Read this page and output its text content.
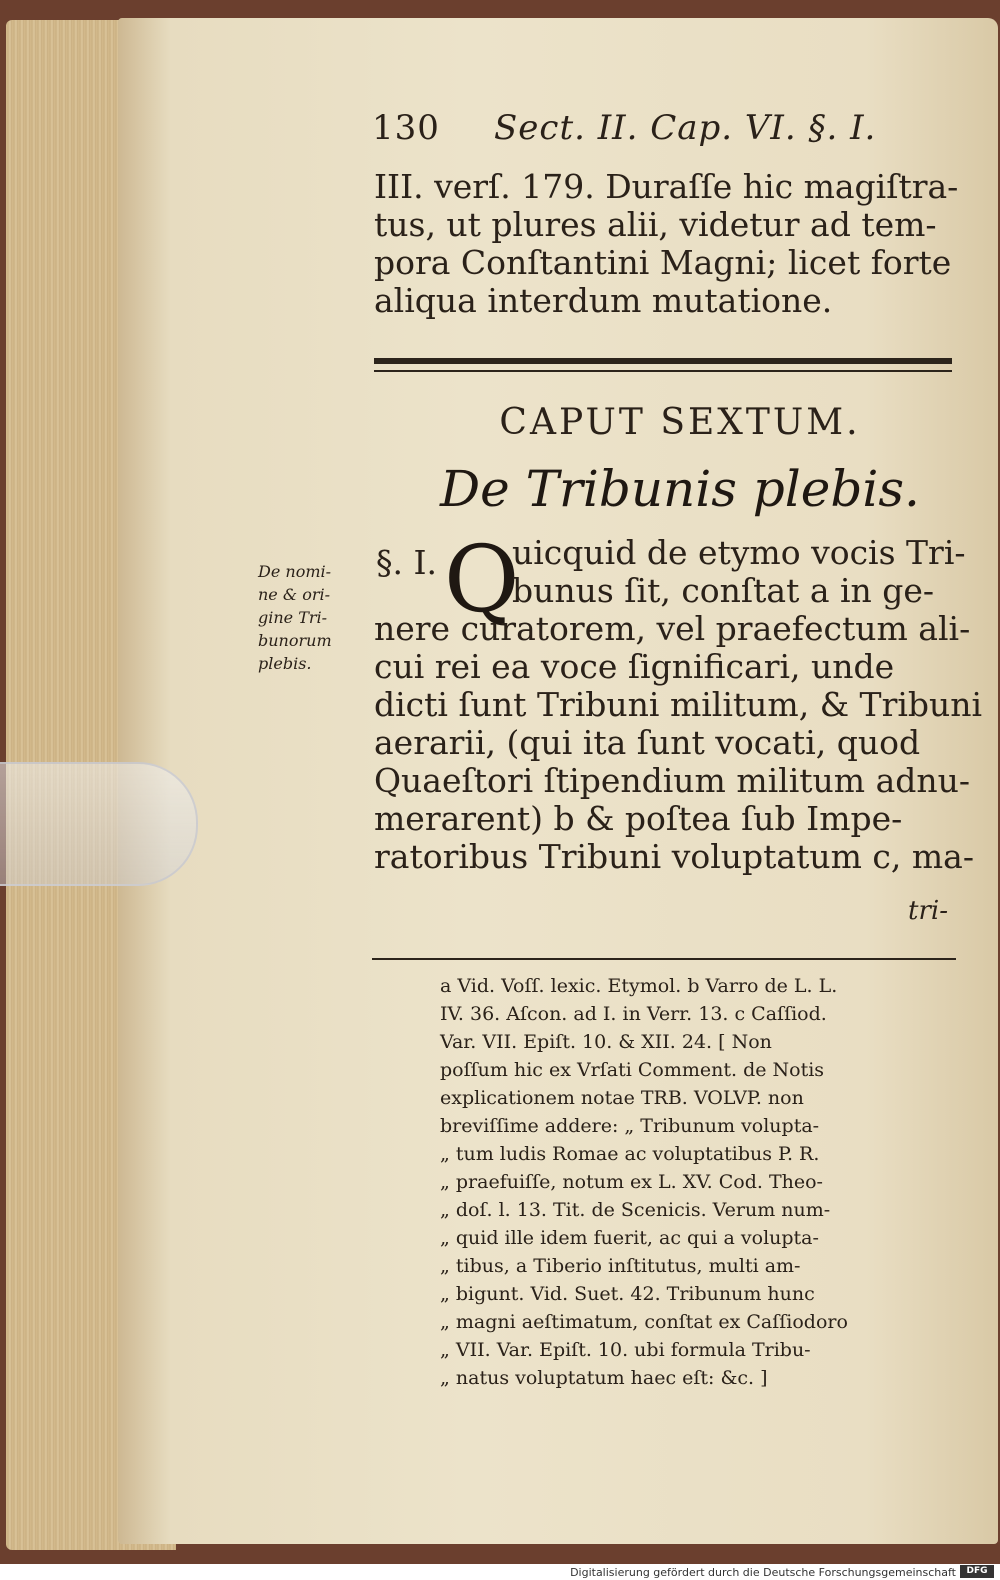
130 Sect. II. Cap. VI. §. I.
III. verſ. 179. Duraſſe hic magiſtra-
tus, ut plures alii, videtur ad tem-
pora Conſtantini Magni; licet forte
aliqua interdum mutatione.
CAPUT SEXTUM.
De Tribunis plebis.
De nomi-
ne & ori-
gine Tri-
bunorum
plebis.
§. I. Q
uicquid de etymo vocis Tri-
bunus ſit, conſtat a in ge-
nere curatorem, vel praefectum ali-
cui rei ea voce ſignificari, unde
dicti ſunt Tribuni militum, & Tribuni
aerarii, (qui ita ſunt vocati, quod
Quaeſtori ſtipendium militum adnu-
merarent) b & poſtea ſub Impe-
ratoribus Tribuni voluptatum c, ma-
tri-
a Vid. Voſſ. lexic. Etymol. b Varro de L. L.
IV. 36. Aſcon. ad I. in Verr. 13. c Caſſiod.
Var. VII. Epiſt. 10. & XII. 24. [ Non
poſſum hic ex Vrſati Comment. de Notis
explicationem notae TRB. VOLVP. non
breviſſime addere: „ Tribunum volupta-
„ tum ludis Romae ac voluptatibus P. R.
„ praefuiſſe, notum ex L. XV. Cod. Theo-
„ doſ. l. 13. Tit. de Scenicis. Verum num-
„ quid ille idem fuerit, ac qui a volupta-
„ tibus, a Tiberio inſtitutus, multi am-
„ bigunt. Vid. Suet. 42. Tribunum hunc
„ magni aeſtimatum, conſtat ex Caſſiodoro
„ VII. Var. Epiſt. 10. ubi formula Tribu-
„ natus voluptatum haec eſt: &c. ]
Digitalisierung gefördert durch die Deutsche Forschungsgemeinschaft	DFG
